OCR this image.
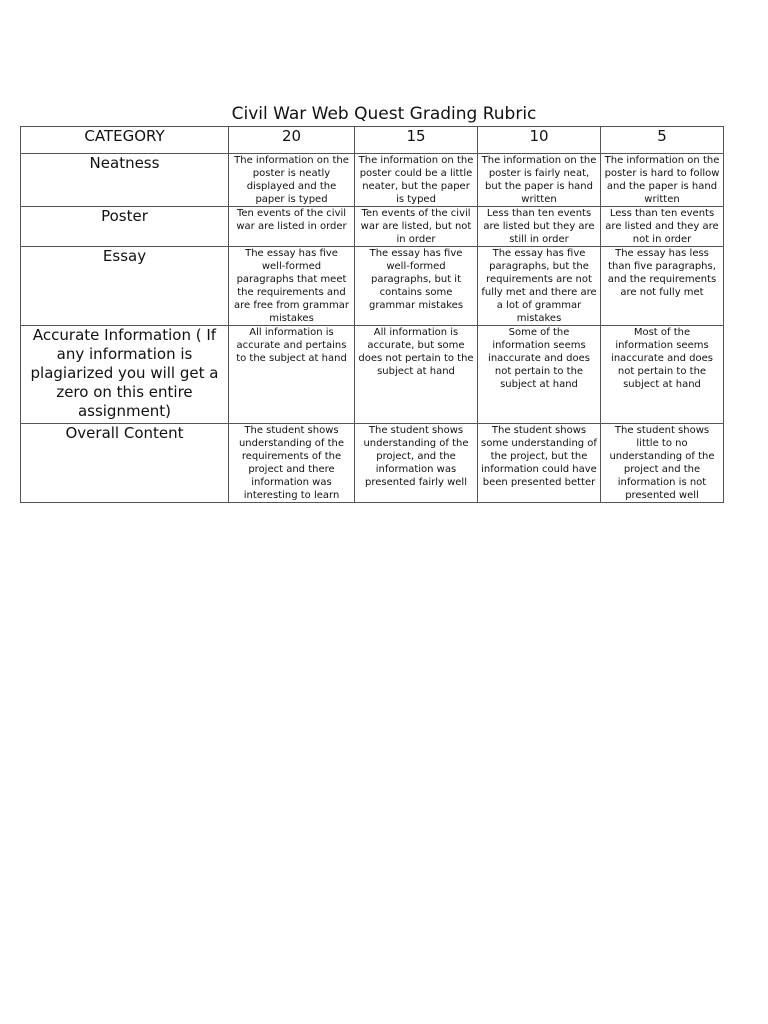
Civil War Web Quest Grading Rubric
CATEGORY	20	15	10	5
Neatness	The information on the poster is neatly displayed and the paper is typed	The information on the poster could be a little neater, but the paper is typed	The information on the poster is fairly neat, but the paper is hand written	The information on the poster is hard to follow and the paper is hand written
Poster	Ten events of the civil war are listed in order	Ten events of the civil war are listed, but not in order	Less than ten events are listed but they are still in order	Less than ten events are listed and they are not in order
Essay	The essay has five well-formed paragraphs that meet the requirements and are free from grammar mistakes	The essay has five well-formed paragraphs, but it contains some grammar mistakes	The essay has five paragraphs, but the requirements are not fully met and there are a lot of grammar mistakes	The essay has less than five paragraphs, and the requirements are not fully met
Accurate Information ( If any information is plagiarized you will get a zero on this entire assignment)	All information is accurate and pertains to the subject at hand	All information is accurate, but some does not pertain to the subject at hand	Some of the information seems inaccurate and does not pertain to the subject at hand	Most of the information seems inaccurate and does not pertain to the subject at hand
Overall Content	The student shows understanding of the requirements of the project and there information was interesting to learn	The student shows understanding of the project, and the information was presented fairly well	The student shows some understanding of the project, but the information could have been presented better	The student shows little to no understanding of the project and the information is not presented well
